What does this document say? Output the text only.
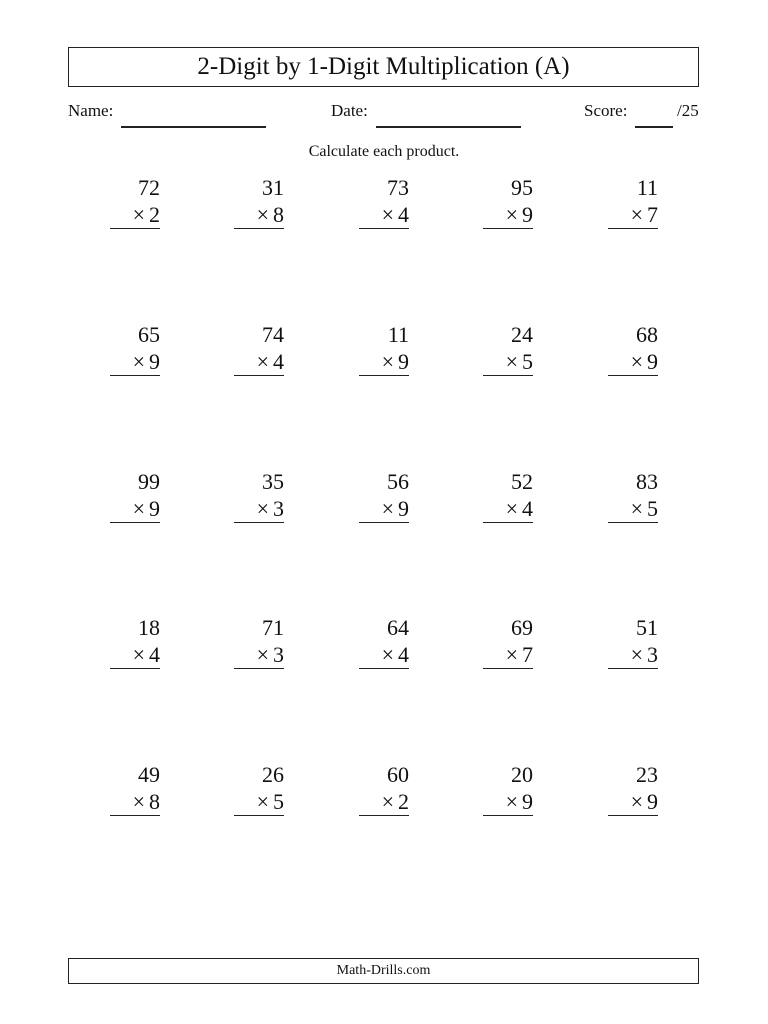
2-Digit by 1-Digit Multiplication (A)
Name:	Date:	Score:	/25
Calculate each product.
72
× 2
31
× 8
73
× 4
95
× 9
11
× 7
65
× 9
74
× 4
11
× 9
24
× 5
68
× 9
99
× 9
35
× 3
56
× 9
52
× 4
83
× 5
18
× 4
71
× 3
64
× 4
69
× 7
51
× 3
49
× 8
26
× 5
60
× 2
20
× 9
23
× 9
Math-Drills.com
